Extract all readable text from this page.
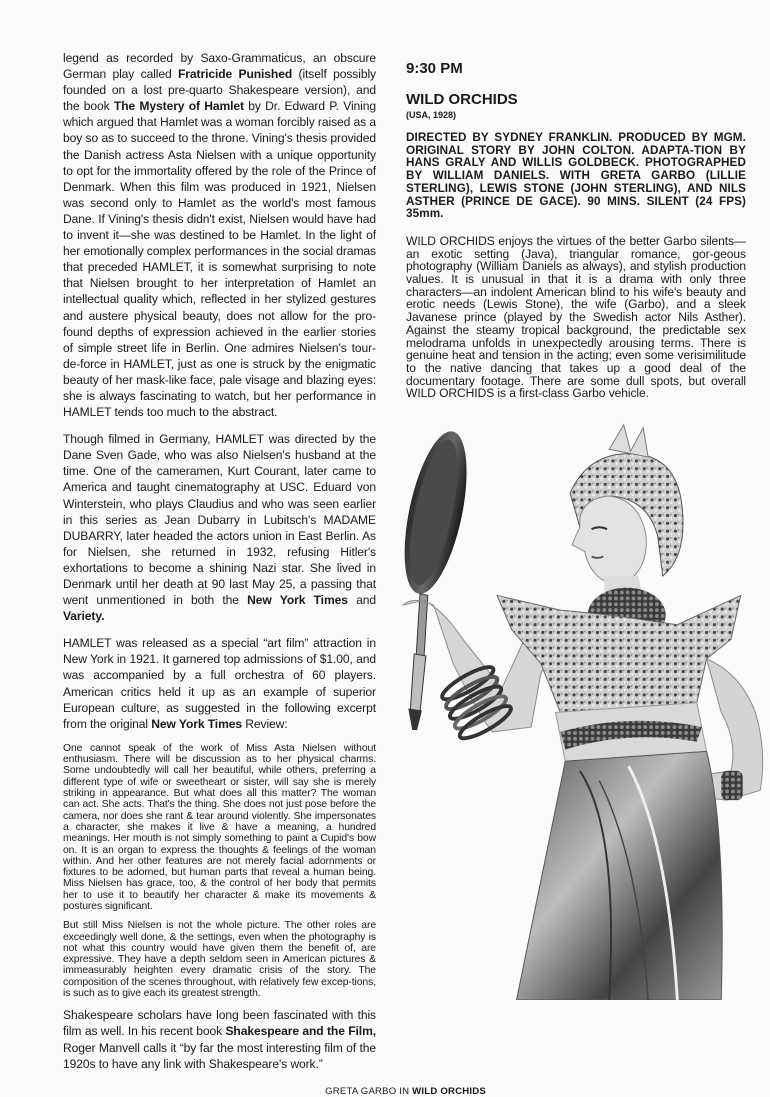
legend as recorded by Saxo-Grammaticus, an obscure German play called Fratricide Punished (itself possibly founded on a lost pre-quarto Shakespeare version), and the book The Mystery of Hamlet by Dr. Edward P. Vining which argued that Hamlet was a woman forcibly raised as a boy so as to succeed to the throne. Vining's thesis provided the Danish actress Asta Nielsen with a unique opportunity to opt for the immortality offered by the role of the Prince of Denmark. When this film was produced in 1921, Nielsen was second only to Hamlet as the world's most famous Dane. If Vining's thesis didn't exist, Nielsen would have had to invent it—she was destined to be Hamlet. In the light of her emotionally complex performances in the social dramas that preceded HAMLET, it is somewhat surprising to note that Nielsen brought to her interpretation of Hamlet an intellectual quality which, reflected in her stylized gestures and austere physical beauty, does not allow for the pro-found depths of expression achieved in the earlier stories of simple street life in Berlin. One admires Nielsen's tour-de-force in HAMLET, just as one is struck by the enigmatic beauty of her mask-like face, pale visage and blazing eyes: she is always fascinating to watch, but her performance in HAMLET tends too much to the abstract.

Though filmed in Germany, HAMLET was directed by the Dane Sven Gade, who was also Nielsen's husband at the time. One of the cameramen, Kurt Courant, later came to America and taught cinematography at USC. Eduard von Winterstein, who plays Claudius and who was seen earlier in this series as Jean Dubarry in Lubitsch's MADAME DUBARRY, later headed the actors union in East Berlin. As for Nielsen, she returned in 1932, refusing Hitler's exhortations to become a shining Nazi star. She lived in Denmark until her death at 90 last May 25, a passing that went unmentioned in both the New York Times and Variety.

HAMLET was released as a special “art film” attraction in New York in 1921. It garnered top admissions of $1.00, and was accompanied by a full orchestra of 60 players. American critics held it up as an example of superior European culture, as suggested in the following excerpt from the original New York Times Review:

One cannot speak of the work of Miss Asta Nielsen without enthusiasm. There will be discussion as to her physical charms. Some undoubtedly will call her beautiful, while others, preferring a different type of wife or sweetheart or sister, will say she is merely striking in appearance. But what does all this matter? The woman can act. She acts. That's the thing. She does not just pose before the camera, nor does she rant & tear around violently. She impersonates a character, she makes it live & have a meaning, a hundred meanings. Her mouth is not simply something to paint a Cupid's bow on. It is an organ to express the thoughts & feelings of the woman within. And her other features are not merely facial adornments or fixtures to be adorned, but human parts that reveal a human being. Miss Nielsen has grace, too, & the control of her body that permits her to use it to beautify her character & make its movements & postures significant.

But still Miss Nielsen is not the whole picture. The other roles are exceedingly well done, & the settings, even when the photography is not what this country would have given them the benefit of, are expressive. They have a depth seldom seen in American pictures & immeasurably heighten every dramatic crisis of the story. The composition of the scenes throughout, with relatively few excep-tions, is such as to give each its greatest strength.

Shakespeare scholars have long been fascinated with this film as well. In his recent book Shakespeare and the Film, Roger Manvell calls it “by far the most interesting film of the 1920s to have any link with Shakespeare's work.”

GRETA GARBO IN WILD ORCHIDS

9:30 PM

WILD ORCHIDS

(USA, 1928)

DIRECTED BY SYDNEY FRANKLIN. PRODUCED BY MGM. ORIGINAL STORY BY JOHN COLTON. ADAPTA-TION BY HANS GRALY AND WILLIS GOLDBECK. PHOTOGRAPHED BY WILLIAM DANIELS. WITH GRETA GARBO (LILLIE STERLING), LEWIS STONE (JOHN STERLING), AND NILS ASTHER (PRINCE DE GACE). 90 MINS. SILENT (24 FPS) 35mm.

WILD ORCHIDS enjoys the virtues of the better Garbo silents—an exotic setting (Java), triangular romance, gor-geous photography (William Daniels as always), and stylish production values. It is unusual in that it is a drama with only three characters—an indolent American blind to his wife's beauty and erotic needs (Lewis Stone), the wife (Garbo), and a sleek Javanese prince (played by the Swedish actor Nils Asther). Against the steamy tropical background, the predictable sex melodrama unfolds in unexpectedly arousing terms. There is genuine heat and tension in the acting; even some verisimilitude to the native dancing that takes up a good deal of the documentary footage. There are some dull spots, but overall WILD ORCHIDS is a first-class Garbo vehicle.
